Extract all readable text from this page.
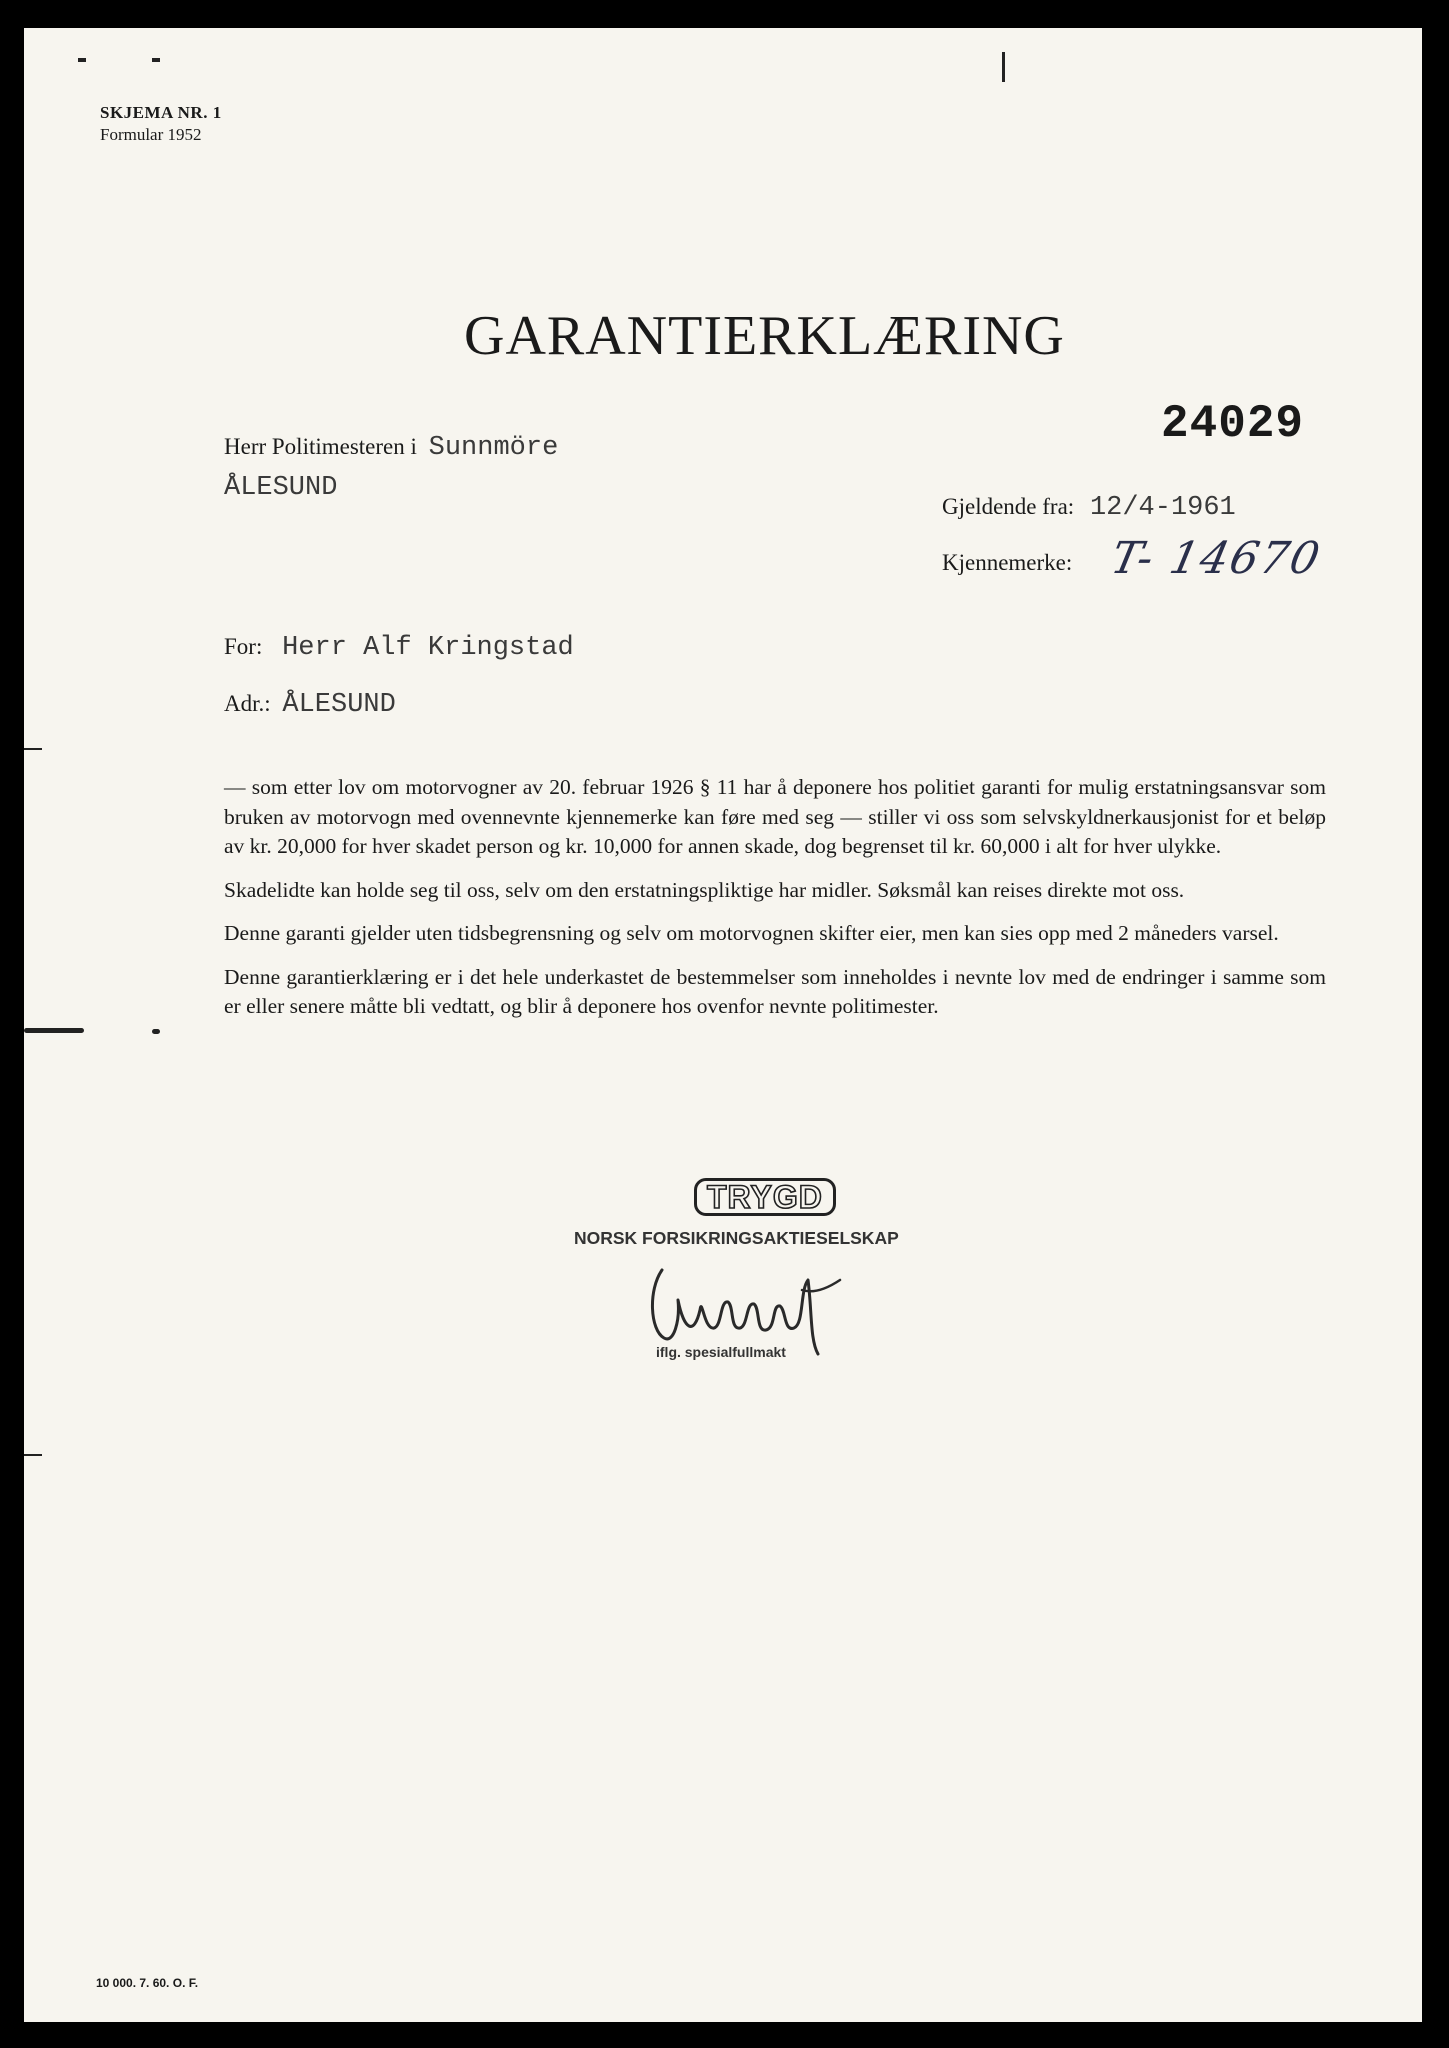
SKJEMA NR. 1
Formular 1952
GARANTIERKLÆRING
24029
Herr Politimesteren i Sunnmöre
ÅLESUND
Gjeldende fra: 12/4-1961
Kjennemerke: T- 14670
For: Herr Alf Kringstad
Adr.: ÅLESUND

— som etter lov om motorvogner av 20. februar 1926 § 11 har å deponere hos politiet garanti for mulig erstatningsansvar som bruken av motorvogn med ovennevnte kjennemerke kan føre med seg — stiller vi oss som selvskyldnerkausjonist for et beløp av kr. 20,000 for hver skadet person og kr. 10,000 for annen skade, dog begrenset til kr. 60,000 i alt for hver ulykke.

Skadelidte kan holde seg til oss, selv om den erstatningspliktige har midler. Søksmål kan reises direkte mot oss.

Denne garanti gjelder uten tidsbegrensning og selv om motorvognen skifter eier, men kan sies opp med 2 måneders varsel.

Denne garantierklæring er i det hele underkastet de bestemmelser som inneholdes i nevnte lov med de endringer i samme som er eller senere måtte bli vedtatt, og blir å deponere hos ovenfor nevnte politimester.

TRYGD
NORSK FORSIKRINGSAKTIESELSKAP
iflg. spesialfullmakt
10 000. 7. 60. O. F.
